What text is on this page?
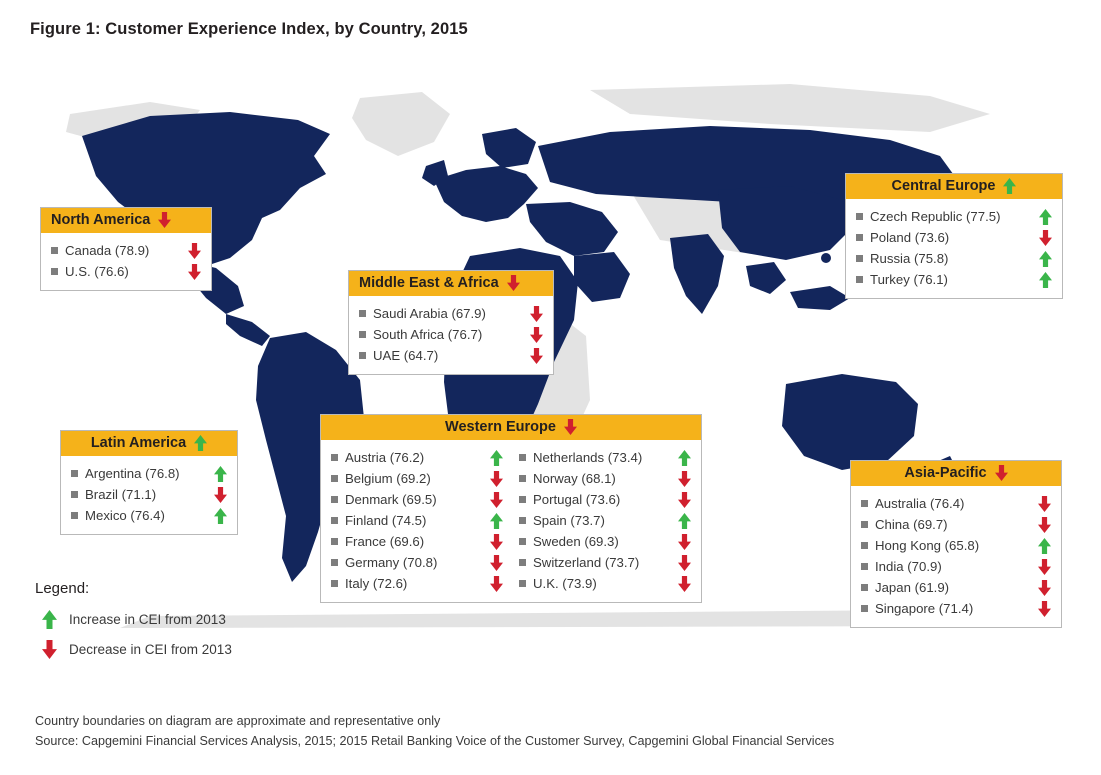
Figure 1: Customer Experience Index, by Country, 2015
North America
Canada (78.9)
U.S. (76.6)
Latin America
Argentina (76.8)
Brazil (71.1)
Mexico (76.4)
Middle East & Africa
Saudi Arabia (67.9)
South Africa (76.7)
UAE (64.7)
Western Europe
Austria (76.2)
Belgium (69.2)
Denmark (69.5)
Finland (74.5)
France (69.6)
Germany (70.8)
Italy (72.6)
Netherlands (73.4)
Norway (68.1)
Portugal (73.6)
Spain (73.7)
Sweden (69.3)
Switzerland (73.7)
U.K. (73.9)
Central Europe
Czech Republic (77.5)
Poland (73.6)
Russia (75.8)
Turkey (76.1)
Asia-Pacific
Australia (76.4)
China (69.7)
Hong Kong (65.8)
India (70.9)
Japan (61.9)
Singapore (71.4)
Legend:
Increase in CEI from 2013
Decrease in CEI from 2013
Country boundaries on diagram are approximate and representative only
Source: Capgemini Financial Services Analysis, 2015; 2015 Retail Banking Voice of the Customer Survey, Capgemini Global Financial Services
